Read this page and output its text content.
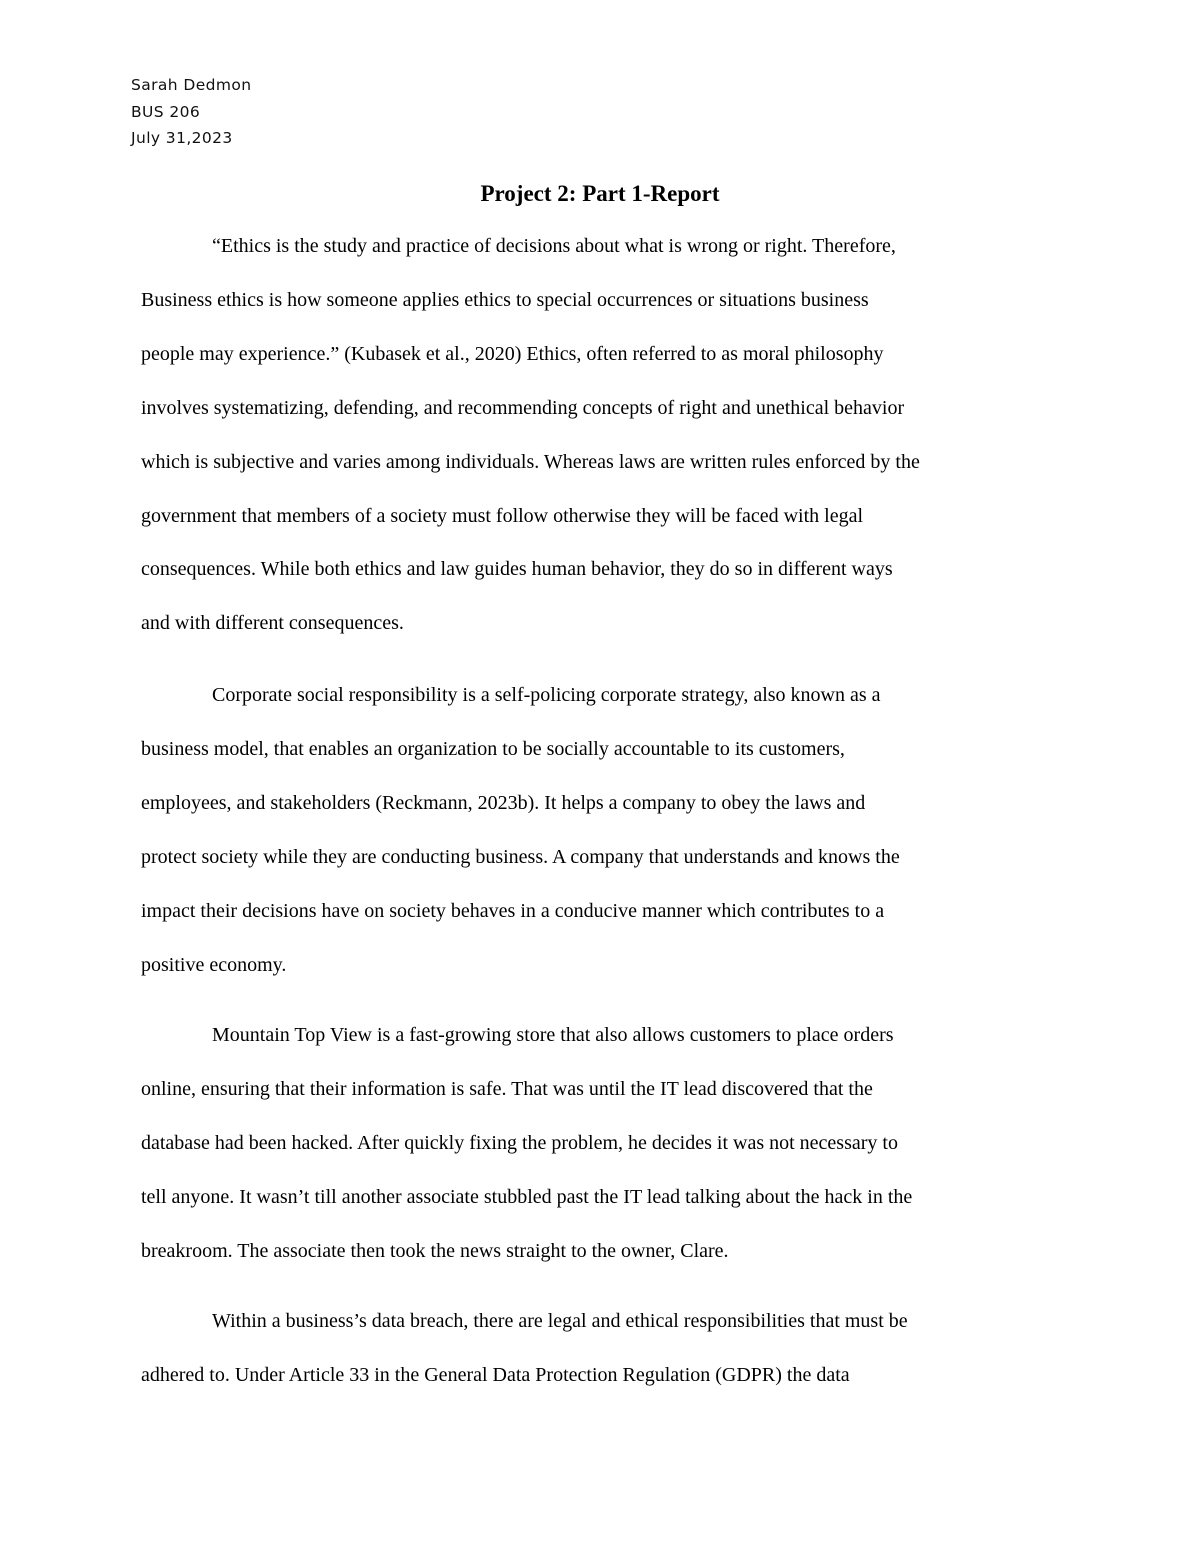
Sarah Dedmon
BUS 206
July 31,2023
Project 2: Part 1-Report
“Ethics is the study and practice of decisions about what is wrong or right. Therefore,
Business ethics is how someone applies ethics to special occurrences or situations business
people may experience.” (Kubasek et al., 2020) Ethics, often referred to as moral philosophy
involves systematizing, defending, and recommending concepts of right and unethical behavior
which is subjective and varies among individuals. Whereas laws are written rules enforced by the
government that members of a society must follow otherwise they will be faced with legal
consequences. While both ethics and law guides human behavior, they do so in different ways
and with different consequences.
Corporate social responsibility is a self-policing corporate strategy, also known as a
business model, that enables an organization to be socially accountable to its customers,
employees, and stakeholders (Reckmann, 2023b). It helps a company to obey the laws and
protect society while they are conducting business. A company that understands and knows the
impact their decisions have on society behaves in a conducive manner which contributes to a
positive economy.
Mountain Top View is a fast-growing store that also allows customers to place orders
online, ensuring that their information is safe. That was until the IT lead discovered that the
database had been hacked. After quickly fixing the problem, he decides it was not necessary to
tell anyone. It wasn’t till another associate stubbled past the IT lead talking about the hack in the
breakroom. The associate then took the news straight to the owner, Clare.
Within a business’s data breach, there are legal and ethical responsibilities that must be
adhered to. Under Article 33 in the General Data Protection Regulation (GDPR) the data
